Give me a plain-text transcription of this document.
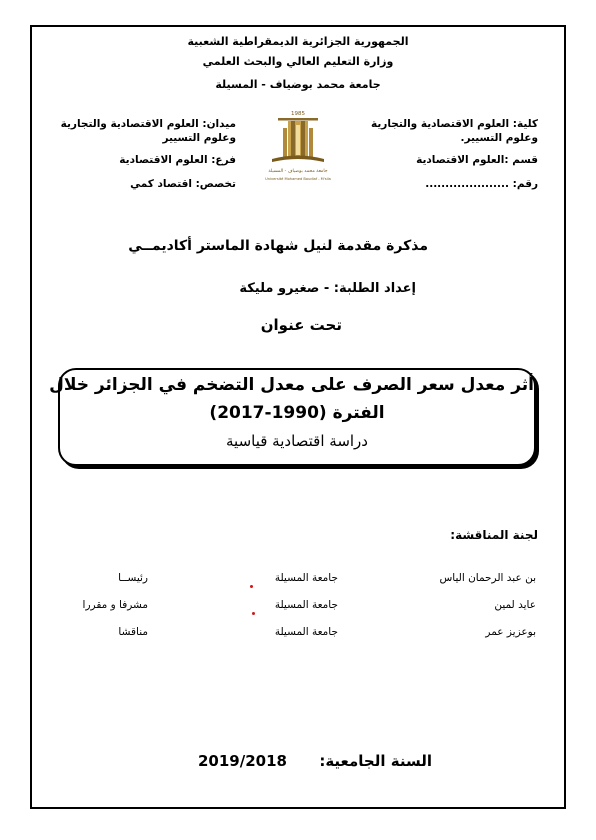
الجمهورية الجزائرية الديمقراطية الشعبية
وزارة التعليم العالي والبحث العلمي
جامعة محمد بوضياف - المسيلة
1985
جامعة محمد بوضياف - المسيلة
Université Mohamed Boudiaf - M'sila
كلية: العلوم الاقتصادية والتجارية وعلوم التسيير.
قسم :العلوم الاقتصادية
رقم: .....................
ميدان: العلوم الاقتصادية والتجارية وعلوم التسيير
فرع: العلوم الاقتصادية
تخصص: اقتصاد كمي
مذكرة مقدمة لنيل شهادة الماستر أكاديمــي
إعداد الطلبة: - صغيرو مليكة
تحت عنوان
أثر معدل سعر الصرف على معدل التضخم في الجزائر خلال
الفترة (1990-2017)
دراسة اقتصادية قياسية
لجنة المناقشة:
بن عبد الرحمان الياس
جامعة المسيلة
رئيســا
عايد لمين
جامعة المسيلة
مشرفا و مقررا
بوعزيز عمر
جامعة المسيلة
مناقشا
السنة الجامعية:
2019/2018
